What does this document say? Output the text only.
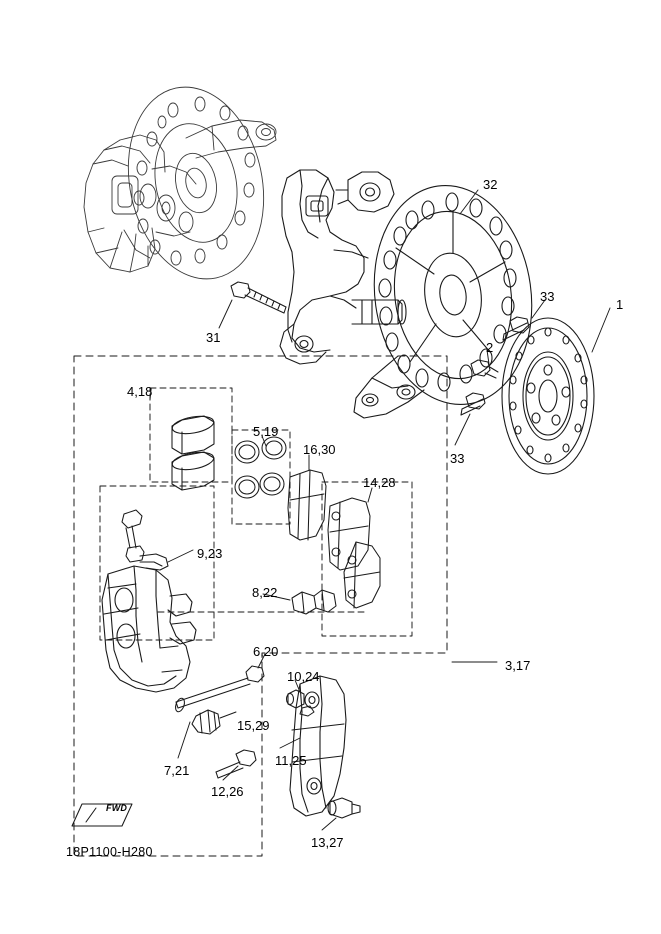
32
33
1
31
2
33
4,18
5,19
16,30
14,28
9,23
8,22
6,20
10,24
3,17
15,29
11,25
7,21
12,26
13,27
FWD
18P1100-H280
